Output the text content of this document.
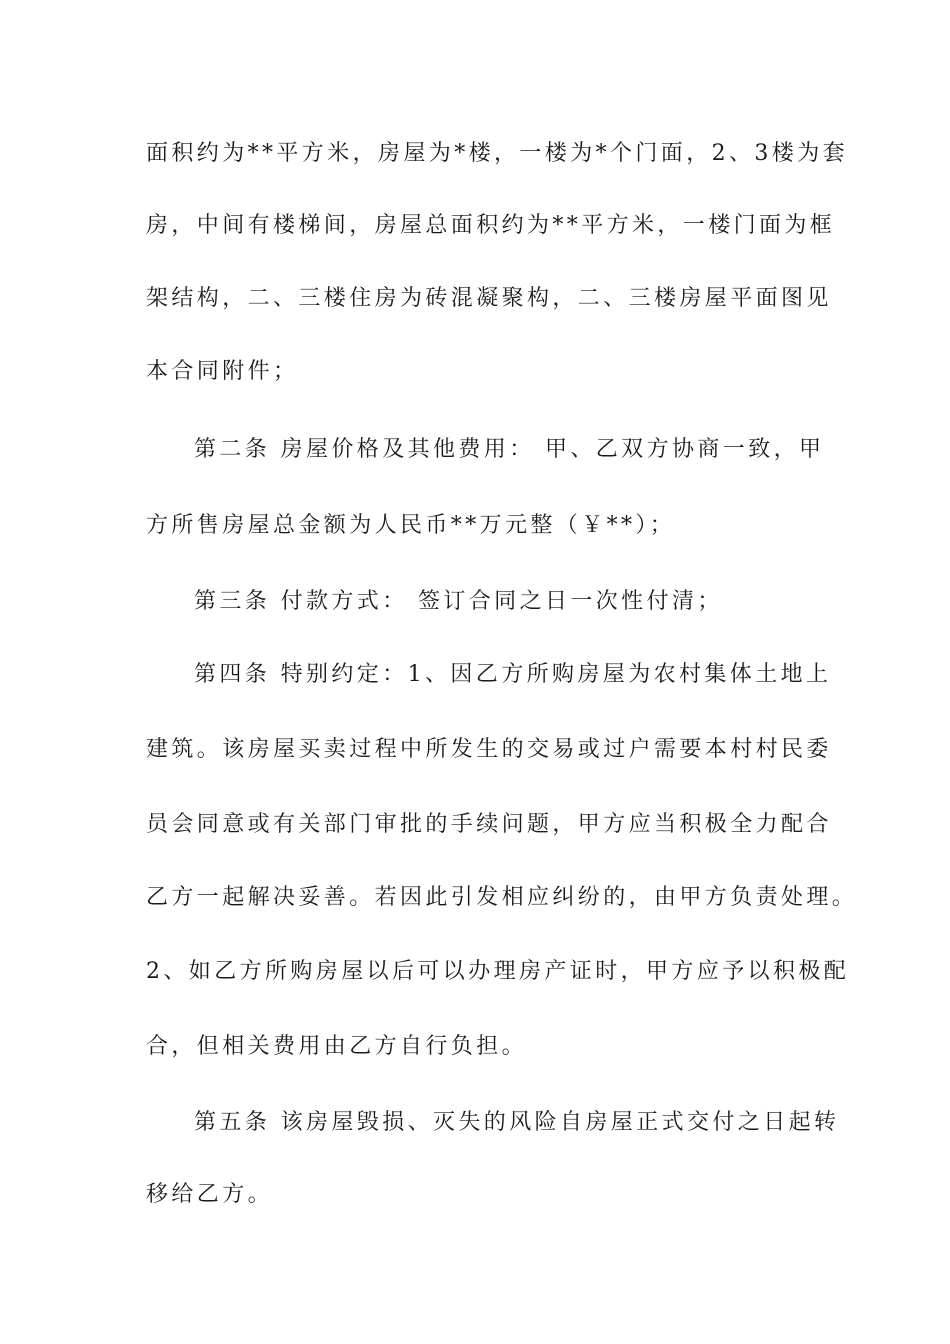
面积约为**平方米，房屋为*楼，一楼为*个门面，2、3楼为套
房，中间有楼梯间，房屋总面积约为**平方米，一楼门面为框
架结构，二、三楼住房为砖混凝聚构，二、三楼房屋平面图见
本合同附件；
第二条 房屋价格及其他费用： 甲、乙双方协商一致，甲
方所售房屋总金额为人民币**万元整（￥**）；
第三条 付款方式： 签订合同之日一次性付清；
第四条 特别约定：1、因乙方所购房屋为农村集体土地上
建筑。该房屋买卖过程中所发生的交易或过户需要本村村民委
员会同意或有关部门审批的手续问题，甲方应当积极全力配合
乙方一起解决妥善。若因此引发相应纠纷的，由甲方负责处理。
2、如乙方所购房屋以后可以办理房产证时，甲方应予以积极配
合，但相关费用由乙方自行负担。
第五条 该房屋毁损、灭失的风险自房屋正式交付之日起转
移给乙方。
